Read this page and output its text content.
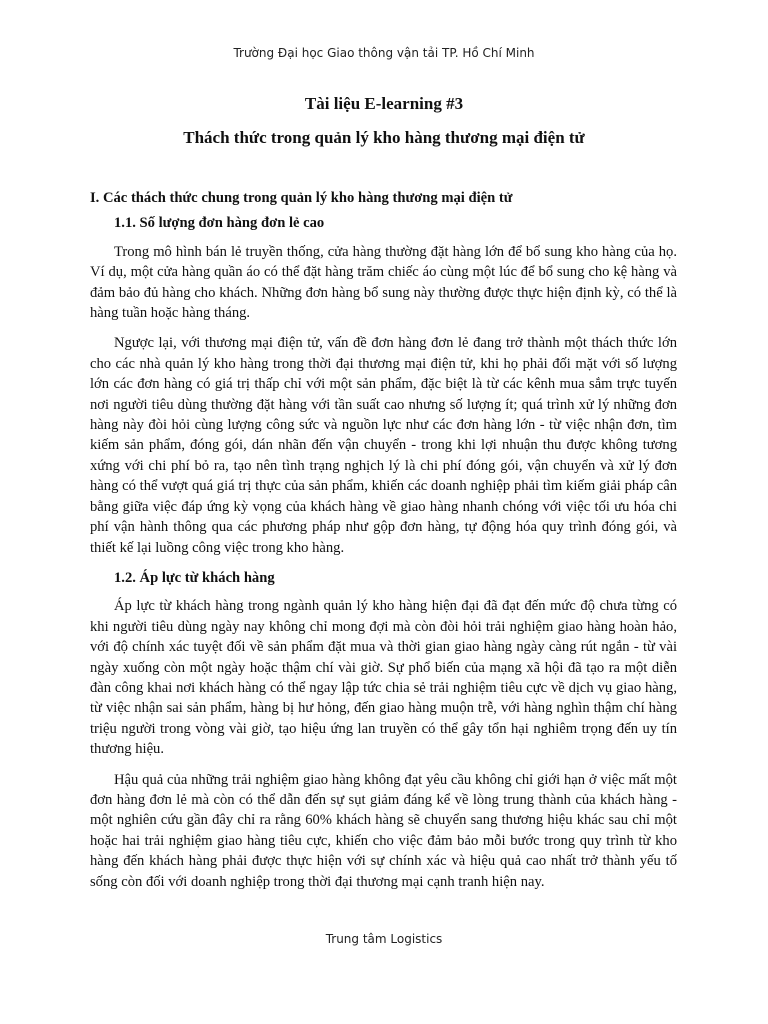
Trường Đại học Giao thông vận tải TP. Hồ Chí Minh
Tài liệu E-learning #3
Thách thức trong quản lý kho hàng thương mại điện tử
I. Các thách thức chung trong quản lý kho hàng thương mại điện tử
1.1. Số lượng đơn hàng đơn lẻ cao

Trong mô hình bán lẻ truyền thống, cửa hàng thường đặt hàng lớn để bổ sung kho hàng của họ. Ví dụ, một cửa hàng quần áo có thể đặt hàng trăm chiếc áo cùng một lúc để bổ sung cho kệ hàng và đảm bảo đủ hàng cho khách. Những đơn hàng bổ sung này thường được thực hiện định kỳ, có thể là hàng tuần hoặc hàng tháng.

Ngược lại, với thương mại điện tử, vấn đề đơn hàng đơn lẻ đang trở thành một thách thức lớn cho các nhà quản lý kho hàng trong thời đại thương mại điện tử, khi họ phải đối mặt với số lượng lớn các đơn hàng có giá trị thấp chỉ với một sản phẩm, đặc biệt là từ các kênh mua sắm trực tuyến nơi người tiêu dùng thường đặt hàng với tần suất cao nhưng số lượng ít; quá trình xử lý những đơn hàng này đòi hỏi cùng lượng công sức và nguồn lực như các đơn hàng lớn - từ việc nhận đơn, tìm kiếm sản phẩm, đóng gói, dán nhãn đến vận chuyển - trong khi lợi nhuận thu được không tương xứng với chi phí bỏ ra, tạo nên tình trạng nghịch lý là chi phí đóng gói, vận chuyển và xử lý đơn hàng có thể vượt quá giá trị thực của sản phẩm, khiến các doanh nghiệp phải tìm kiếm giải pháp cân bằng giữa việc đáp ứng kỳ vọng của khách hàng về giao hàng nhanh chóng với việc tối ưu hóa chi phí vận hành thông qua các phương pháp như gộp đơn hàng, tự động hóa quy trình đóng gói, và thiết kế lại luồng công việc trong kho hàng.

1.2. Áp lực từ khách hàng

Áp lực từ khách hàng trong ngành quản lý kho hàng hiện đại đã đạt đến mức độ chưa từng có khi người tiêu dùng ngày nay không chỉ mong đợi mà còn đòi hỏi trải nghiệm giao hàng hoàn hảo, với độ chính xác tuyệt đối về sản phẩm đặt mua và thời gian giao hàng ngày càng rút ngắn - từ vài ngày xuống còn một ngày hoặc thậm chí vài giờ. Sự phổ biến của mạng xã hội đã tạo ra một diễn đàn công khai nơi khách hàng có thể ngay lập tức chia sẻ trải nghiệm tiêu cực về dịch vụ giao hàng, từ việc nhận sai sản phẩm, hàng bị hư hỏng, đến giao hàng muộn trễ, với hàng nghìn thậm chí hàng triệu người trong vòng vài giờ, tạo hiệu ứng lan truyền có thể gây tổn hại nghiêm trọng đến uy tín thương hiệu.

Hậu quả của những trải nghiệm giao hàng không đạt yêu cầu không chỉ giới hạn ở việc mất một đơn hàng đơn lẻ mà còn có thể dẫn đến sự sụt giảm đáng kể về lòng trung thành của khách hàng - một nghiên cứu gần đây chỉ ra rằng 60% khách hàng sẽ chuyển sang thương hiệu khác sau chỉ một hoặc hai trải nghiệm giao hàng tiêu cực, khiến cho việc đảm bảo mỗi bước trong quy trình từ kho hàng đến khách hàng phải được thực hiện với sự chính xác và hiệu quả cao nhất trở thành yếu tố sống còn đối với doanh nghiệp trong thời đại thương mại cạnh tranh hiện nay.

Trung tâm Logistics
